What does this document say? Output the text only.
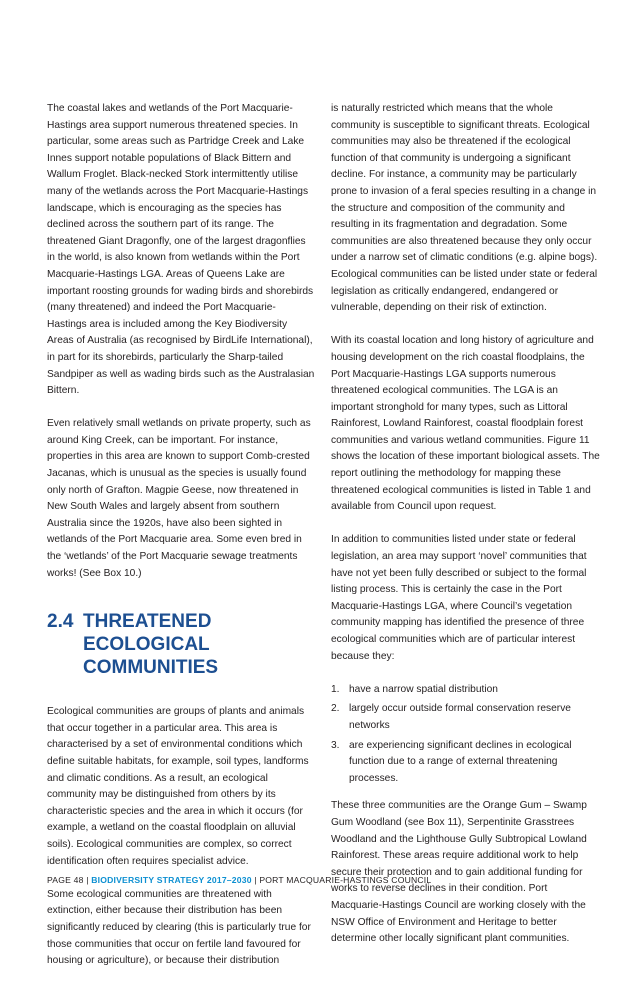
The coastal lakes and wetlands of the Port Macquarie-Hastings area support numerous threatened species. In particular, some areas such as Partridge Creek and Lake Innes support notable populations of Black Bittern and Wallum Froglet. Black-necked Stork intermittently utilise many of the wetlands across the Port Macquarie-Hastings landscape, which is encouraging as the species has declined across the southern part of its range. The threatened Giant Dragonfly, one of the largest dragonflies in the world, is also known from wetlands within the Port Macquarie-Hastings LGA. Areas of Queens Lake are important roosting grounds for wading birds and shorebirds (many threatened) and indeed the Port Macquarie-Hastings area is included among the Key Biodiversity Areas of Australia (as recognised by BirdLife International), in part for its shorebirds, particularly the Sharp-tailed Sandpiper as well as wading birds such as the Australasian Bittern.

Even relatively small wetlands on private property, such as around King Creek, can be important. For instance, properties in this area are known to support Comb-crested Jacanas, which is unusual as the species is usually found only north of Grafton. Magpie Geese, now threatened in New South Wales and largely absent from southern Australia since the 1920s, have also been sighted in wetlands of the Port Macquarie area. Some even bred in the ‘wetlands’ of the Port Macquarie sewage treatments works! (See Box 10.)

2.4 THREATENED ECOLOGICAL COMMUNITIES

Ecological communities are groups of plants and animals that occur together in a particular area. This area is characterised by a set of environmental conditions which define suitable habitats, for example, soil types, landforms and climatic conditions. As a result, an ecological community may be distinguished from others by its characteristic species and the area in which it occurs (for example, a wetland on the coastal floodplain on alluvial soils). Ecological communities are complex, so correct identification often requires specialist advice.

Some ecological communities are threatened with extinction, either because their distribution has been significantly reduced by clearing (this is particularly true for those communities that occur on fertile land favoured for housing or agriculture), or because their distribution

is naturally restricted which means that the whole community is susceptible to significant threats. Ecological communities may also be threatened if the ecological function of that community is undergoing a significant decline. For instance, a community may be particularly prone to invasion of a feral species resulting in a change in the structure and composition of the community and resulting in its fragmentation and degradation. Some communities are also threatened because they only occur under a narrow set of climatic conditions (e.g. alpine bogs). Ecological communities can be listed under state or federal legislation as critically endangered, endangered or vulnerable, depending on their risk of extinction.

With its coastal location and long history of agriculture and housing development on the rich coastal floodplains, the Port Macquarie-Hastings LGA supports numerous threatened ecological communities. The LGA is an important stronghold for many types, such as Littoral Rainforest, Lowland Rainforest, coastal floodplain forest communities and various wetland communities. Figure 11 shows the location of these important biological assets. The report outlining the methodology for mapping these threatened ecological communities is listed in Table 1 and available from Council upon request.

In addition to communities listed under state or federal legislation, an area may support ‘novel’ communities that have not yet been fully described or subject to the formal listing process. This is certainly the case in the Port Macquarie-Hastings LGA, where Council’s vegetation community mapping has identified the presence of three ecological communities which are of particular interest because they:

1. have a narrow spatial distribution
2. largely occur outside formal conservation reserve networks
3. are experiencing significant declines in ecological function due to a range of external threatening processes.

These three communities are the Orange Gum – Swamp Gum Woodland (see Box 11), Serpentinite Grasstrees Woodland and the Lighthouse Gully Subtropical Lowland Rainforest. These areas require additional work to help secure their protection and to gain additional funding for works to reverse declines in their condition. Port Macquarie-Hastings Council are working closely with the NSW Office of Environment and Heritage to better determine other locally significant plant communities.

PAGE 48 | BIODIVERSITY STRATEGY 2017–2030 | PORT MACQUARIE-HASTINGS COUNCIL
